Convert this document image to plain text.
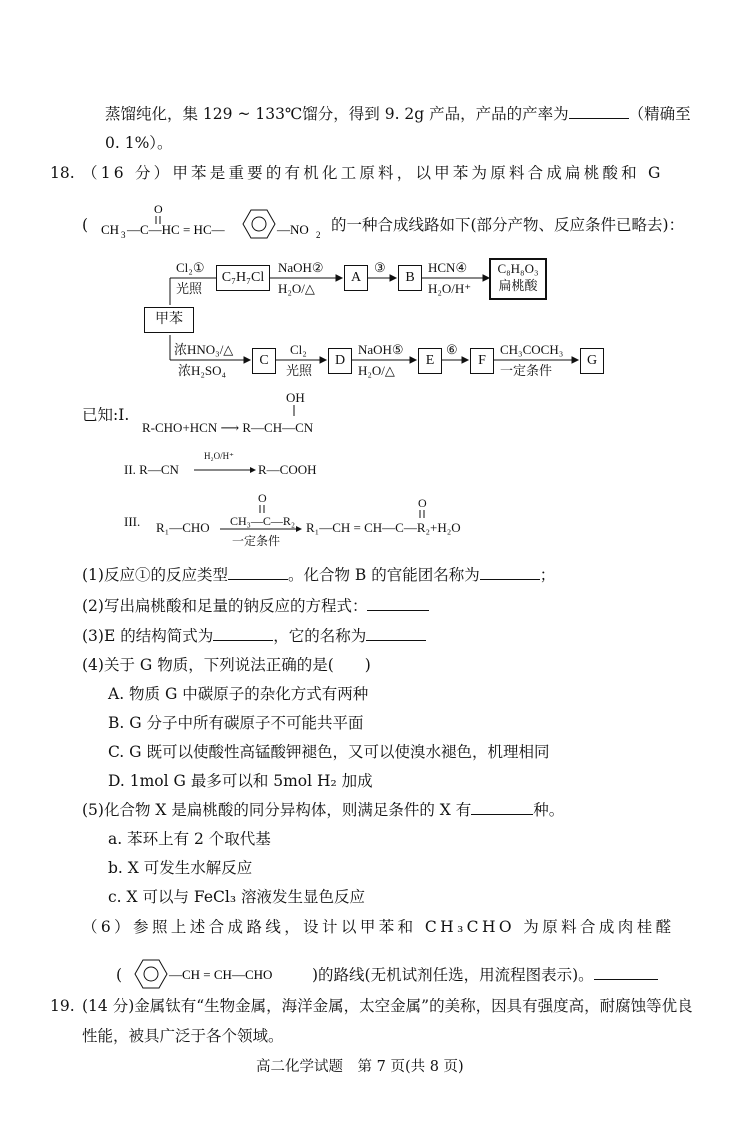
蒸馏纯化，集 129 ~ 133℃馏分，得到 9. 2g 产品，产品的产率为	（精确至
0. 1%）。
18. （16 分）甲苯是重要的有机化工原料，以甲苯为原料合成扁桃酸和 G
( CH 3 —C—HC = HC—
O
—NO 2
的一种合成线路如下(部分产物、反应条件已略去)：
Cl₂①
光照
NaOH②
H₂O/△
③	HCN④
H₂O/H⁺
浓HNO₃/△
浓H₂SO₄
Cl₂
光照
NaOH⑤
H₂O/△
⑥	CH₃COCH₃
一定条件
甲苯
C₇H₇Cl	A	B
C₈H₈O₃
扁桃酸
C	D	E	F	G
已知:I.
OH
R-CHO+HCN ⟶ R—CH—CN
II. R—CN
H₂O/H⁺
R—COOH
III. R₁—CHO CH₃—C—R₂
O
一定条件
R₁—CH = CH—C—R₂+H₂O
O
(1)反应①的反应类型	。化合物 B 的官能团名称为	；
(2)写出扁桃酸和足量的钠反应的方程式：
(3)E 的结构简式为	，它的名称为
(4)关于 G 物质，下列说法正确的是(　　)
A. 物质 G 中碳原子的杂化方式有两种
B. G 分子中所有碳原子不可能共平面
C. G 既可以使酸性高锰酸钾褪色，又可以使溴水褪色，机理相同
D. 1mol G 最多可以和 5mol H₂ 加成
(5)化合物 X 是扁桃酸的同分异构体，则满足条件的 X 有	种。
a. 苯环上有 2 个取代基
b. X 可发生水解反应
c. X 可以与 FeCl₃ 溶液发生显色反应
（6）参照上述合成路线，设计以甲苯和 CH₃CHO 为原料合成肉桂醛
(	—CH = CH—CHO	)的路线(无机试剂任选，用流程图表示)。
19. (14 分)金属钛有“生物金属，海洋金属，太空金属”的美称，因具有强度高，耐腐蚀等优良
性能，被具广泛于各个领域。
高二化学试题　第 7 页(共 8 页)
